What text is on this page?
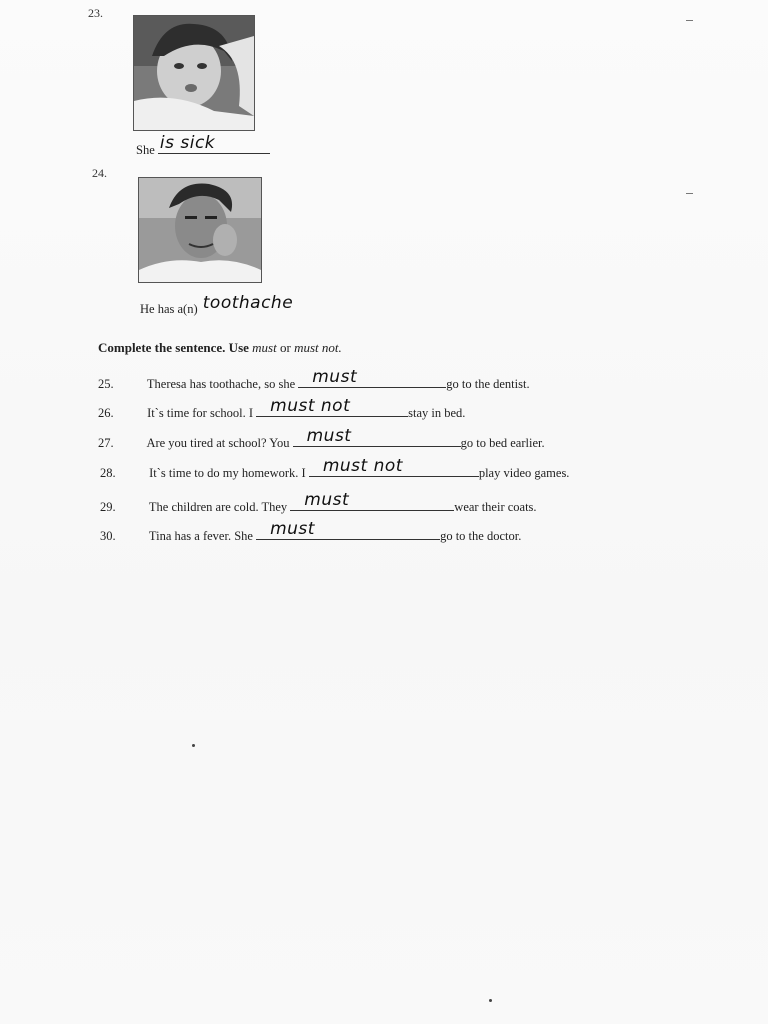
23.
She is sick
24.
He has a(n) toothache
Complete the sentence. Use must or must not.
25.	Theresa has toothache, so she must	go to the dentist.
26.	It`s time for school. I must not	stay in bed.
27.	Are you tired at school? You must	go to bed earlier.
28.	It`s time to do my homework. I must not	play video games.
29.	The children are cold. They must	wear their coats.
30.	Tina has a fever. She must	go to the doctor.
